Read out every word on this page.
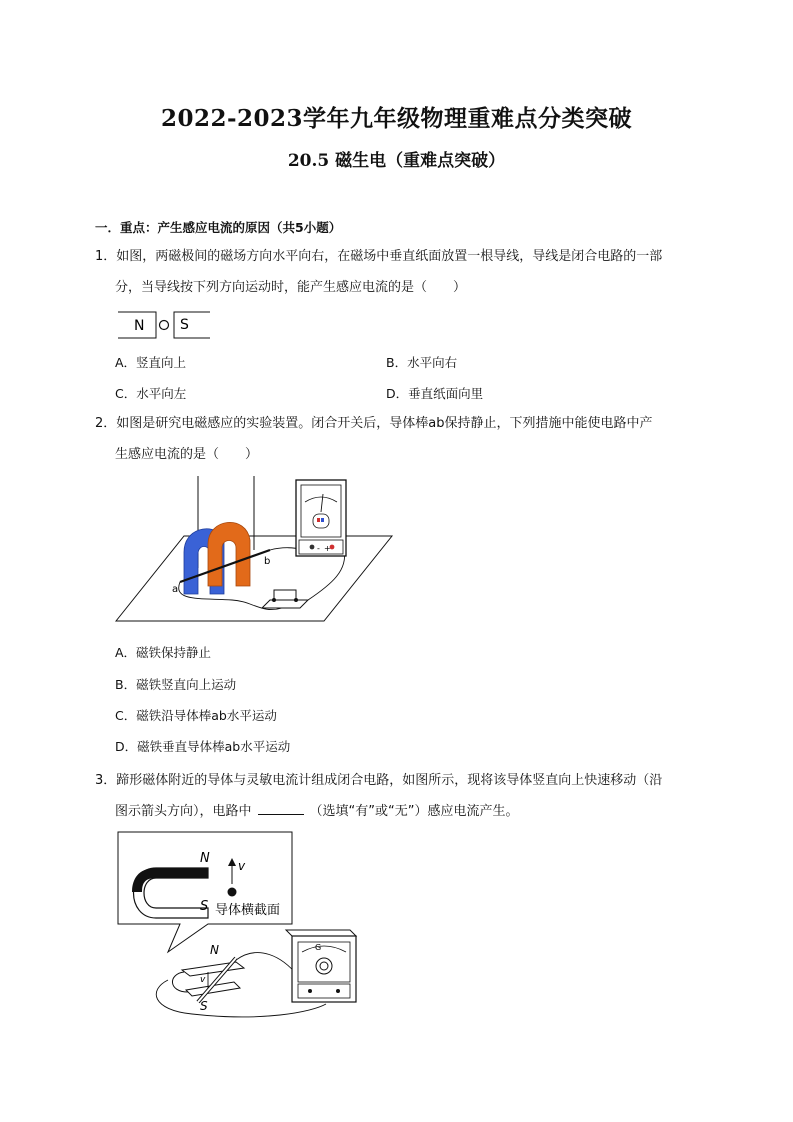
2022-2023学年九年级物理重难点分类突破
20.5 磁生电（重难点突破）
一．重点：产生感应电流的原因（共5小题）
1．如图，两磁极间的磁场方向水平向右，在磁场中垂直纸面放置一根导线，导线是闭合电路的一部
分，当导线按下列方向运动时，能产生感应电流的是（　　）
N	S
A．竖直向上	B．水平向右
C．水平向左	D．垂直纸面向里
2．如图是研究电磁感应的实验装置。闭合开关后，导体棒ab保持静止，下列措施中能使电路中产
生感应电流的是（　　）
a
b
- +
A．磁铁保持静止
B．磁铁竖直向上运动
C．磁铁沿导体棒ab水平运动
D．磁铁垂直导体棒ab水平运动
3．蹄形磁体附近的导体与灵敏电流计组成闭合电路，如图所示，现将该导体竖直向上快速移动（沿
图示箭头方向），电路中	（选填“有”或“无”）感应电流产生。
N
S
v
导体横截面
N
S
v
G
